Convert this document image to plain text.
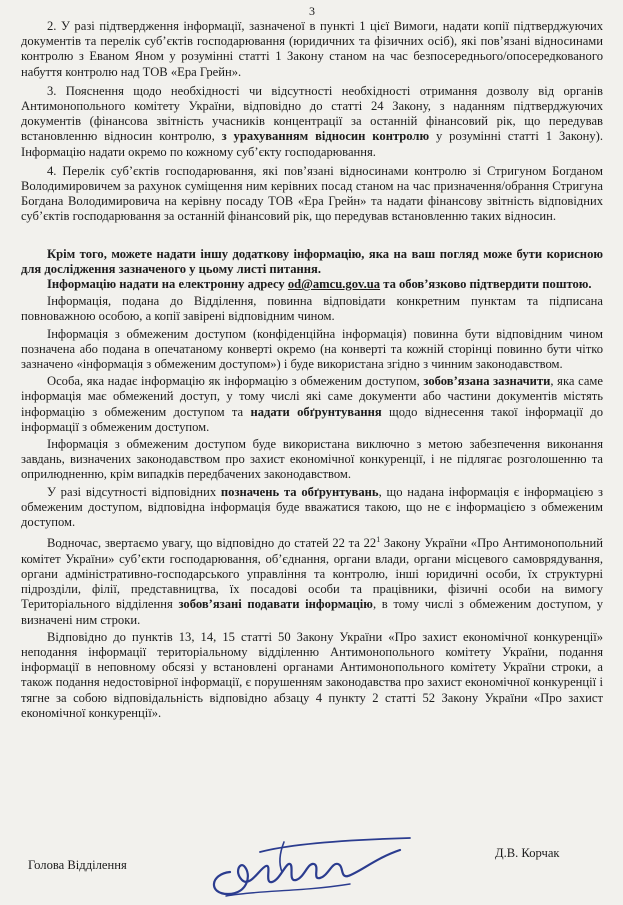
3

2. У разі підтвердження інформації, зазначеної в пункті 1 цієї Вимоги, надати копії підтверджуючих документів та перелік суб’єктів господарювання (юридичних та фізичних осіб), які пов’язані відносинами контролю з Еваном Яном у розумінні статті 1 Закону станом на час безпосереднього/опосередкованого набуття контролю над ТОВ «Ера Грейн».

3. Пояснення щодо необхідності чи відсутності необхідності отримання дозволу від органів Антимонопольного комітету України, відповідно до статті 24 Закону, з наданням підтверджуючих документів (фінансова звітність учасників концентрації за останній фінансовий рік, що передував встановленню відносин контролю, з урахуванням відносин контролю у розумінні статті 1 Закону). Інформацію надати окремо по кожному суб’єкту господарювання.

4. Перелік суб’єктів господарювання, які пов’язані відносинами контролю зі Стригуном Богданом Володимировичем за рахунок суміщення ним керівних посад станом на час призначення/обрання Стригуна Богдана Володимировича на керівну посаду ТОВ «Ера Грейн» та надати фінансову звітність відповідних суб’єктів господарювання за останній фінансовий рік, що передував встановленню таких відносин.

Крім того, можете надати іншу додаткову інформацію, яка на ваш погляд може бути корисною для дослідження зазначеного у цьому листі питання.

Інформацію надати на електронну адресу od@amcu.gov.ua та обов’язково підтвердити поштою.

Інформація, подана до Відділення, повинна відповідати конкретним пунктам та підписана повноважною особою, а копії завірені відповідним чином.

Інформація з обмеженим доступом (конфіденційна інформація) повинна бути відповідним чином позначена або подана в опечатаному конверті окремо (на конверті та кожній сторінці повинно бути чітко зазначено «інформація з обмеженим доступом») і буде використана згідно з чинним законодавством.

Особа, яка надає інформацію як інформацію з обмеженим доступом, зобов’язана зазначити, яка саме інформація має обмежений доступ, у тому числі які саме документи або частини документів містять інформацію з обмеженим доступом та надати обґрунтування щодо віднесення такої інформації до інформації з обмеженим доступом.

Інформація з обмеженим доступом буде використана виключно з метою забезпечення виконання завдань, визначених законодавством про захист економічної конкуренції, і не підлягає розголошенню та оприлюдненню, крім випадків передбачених законодавством.

У разі відсутності відповідних позначень та обґрунтувань, що надана інформація є інформацією з обмеженим доступом, відповідна інформація буде вважатися такою, що не є інформацією з обмеженим доступом.

Водночас, звертаємо увагу, що відповідно до статей 22 та $22^1$ Закону України «Про Антимонопольний комітет України» суб’єкти господарювання, об’єднання, органи влади, органи місцевого самоврядування, органи адміністративно-господарського управління та контролю, інші юридичні особи, їх структурні підрозділи, філії, представництва, їх посадові особи та працівники, фізичні особи на вимогу Територіального відділення зобов’язані подавати інформацію, в тому числі з обмеженим доступом, у визначені ним строки.

Відповідно до пунктів 13, 14, 15 статті 50 Закону України «Про захист економічної конкуренції» неподання інформації територіальному відділенню Антимонопольного комітету України, подання інформації в неповному обсязі у встановлені органами Антимонопольного комітету України строки, а також подання недостовірної інформації, є порушенням законодавства про захист економічної конкуренції і тягне за собою відповідальність відповідно абзацу 4 пункту 2 статті 52 Закону України «Про захист економічної конкуренції».

Голова Відділення
Д.В. Корчак
